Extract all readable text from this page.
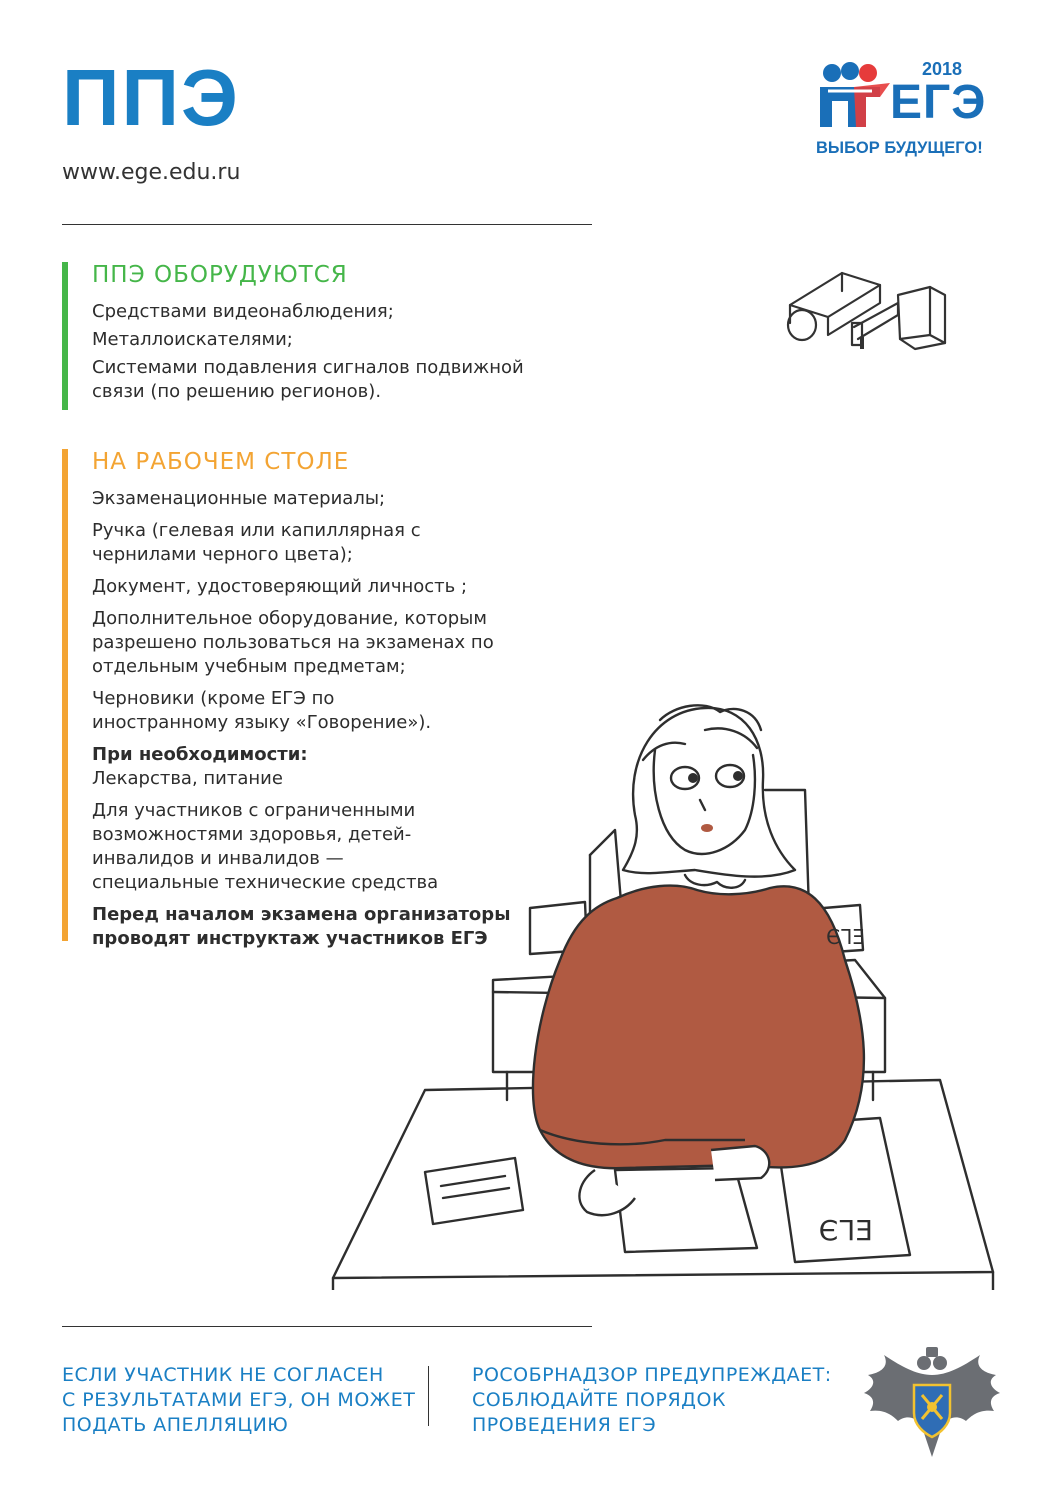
ППЭ
www.ege.edu.ru
2018
ЕГЭ
ВЫБОР БУДУЩЕГО!
ППЭ ОБОРУДУЮТСЯ

Средствами видеонаблюдения;

Металлоискателями;

Системами подавления сигналов подвижной связи (по решению регионов).

НА РАБОЧЕМ СТОЛЕ

Экзаменационные материалы;

Ручка (гелевая или капиллярная с чернилами черного цвета);

Документ, удостоверяющий личность ;

Дополнительное оборудование, которым разрешено пользоваться на экзаменах по отдельным учебным предметам;

Черновики (кроме ЕГЭ по иностранному языку «Говорение»).

При необходимости:

Лекарства, питание

Для участников с ограниченными возможностями здоровья, детей-инвалидов и инвалидов — специальные технические средства

Перед началом экзамена организаторы проводят инструктаж участников ЕГЭ

ЕГЭ
ЕГЭ
ЕСЛИ УЧАСТНИК НЕ СОГЛАСЕН
С РЕЗУЛЬТАТАМИ ЕГЭ, ОН МОЖЕТ
ПОДАТЬ АПЕЛЛЯЦИЮ
РОСОБРНАДЗОР ПРЕДУПРЕЖДАЕТ:
СОБЛЮДАЙТЕ ПОРЯДОК
ПРОВЕДЕНИЯ ЕГЭ
